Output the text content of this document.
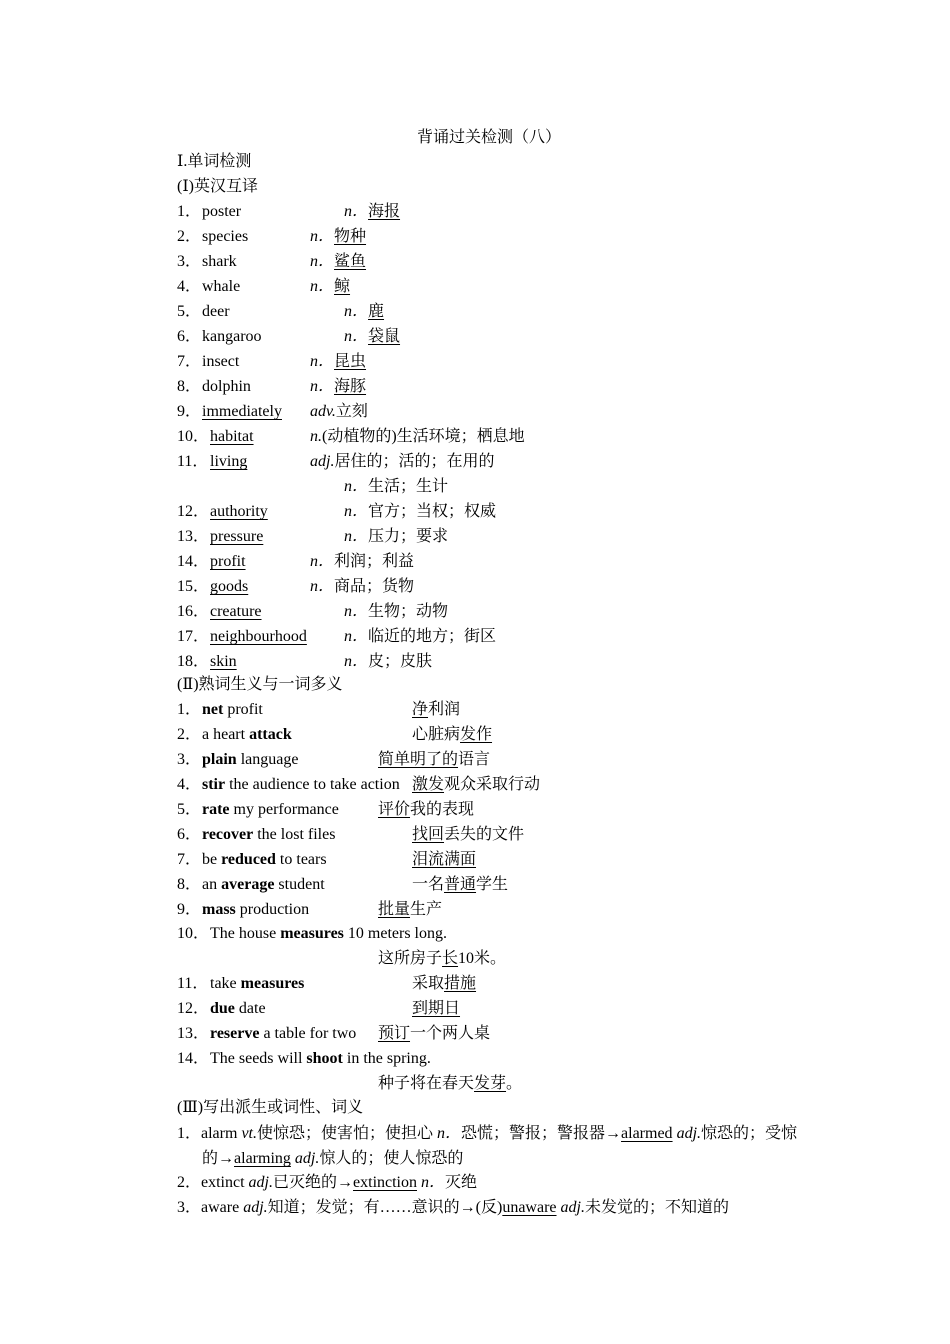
背诵过关检测（八）
Ⅰ.单词检测
(Ⅰ)英汉互译
1． poster	n．海报
2． species	n．物种
3． shark	n．鲨鱼
4． whale	n．鲸
5． deer	n．鹿
6． kangaroo	n．袋鼠
7． insect	n．昆虫
8． dolphin	n．海豚
9． immediately adv.立刻
10． habitat	n.(动植物的)生活环境；栖息地
11． living	adj.居住的；活的；在用的
n．生活；生计
12． authority	n．官方；当权；权威
13． pressure	n．压力；要求
14． profit	n．利润；利益
15． goods	n．商品；货物
16． creature	n．生物；动物
17． neighbourhood n．临近的地方；街区
18． skin	n．皮；皮肤
(Ⅱ)熟词生义与一词多义
1． net profit	净利润
2． a heart attack	心脏病发作
3． plain language	简单明了的语言
4． stir the audience to take action 激发观众采取行动
5． rate my performance 评价我的表现
6． recover the lost files	找回丢失的文件
7． be reduced to tears	泪流满面
8． an average student	一名普通学生
9． mass production	批量生产
10． The house measures 10 meters long.
这所房子长10米。
11． take measures	采取措施
12． due date	到期日
13． reserve a table for two 预订一个两人桌
14． The seeds will shoot in the spring.
种子将在春天发芽。
(Ⅲ)写出派生或词性、词义
1．alarm vt.使惊恐；使害怕；使担心 n．恐慌；警报；警报器→alarmed adj.惊恐的；受惊的→alarming adj.惊人的；使人惊恐的
2．extinct adj.已灭绝的→extinction n．灭绝
3．aware adj.知道；发觉；有……意识的→(反)unaware adj.未发觉的；不知道的
